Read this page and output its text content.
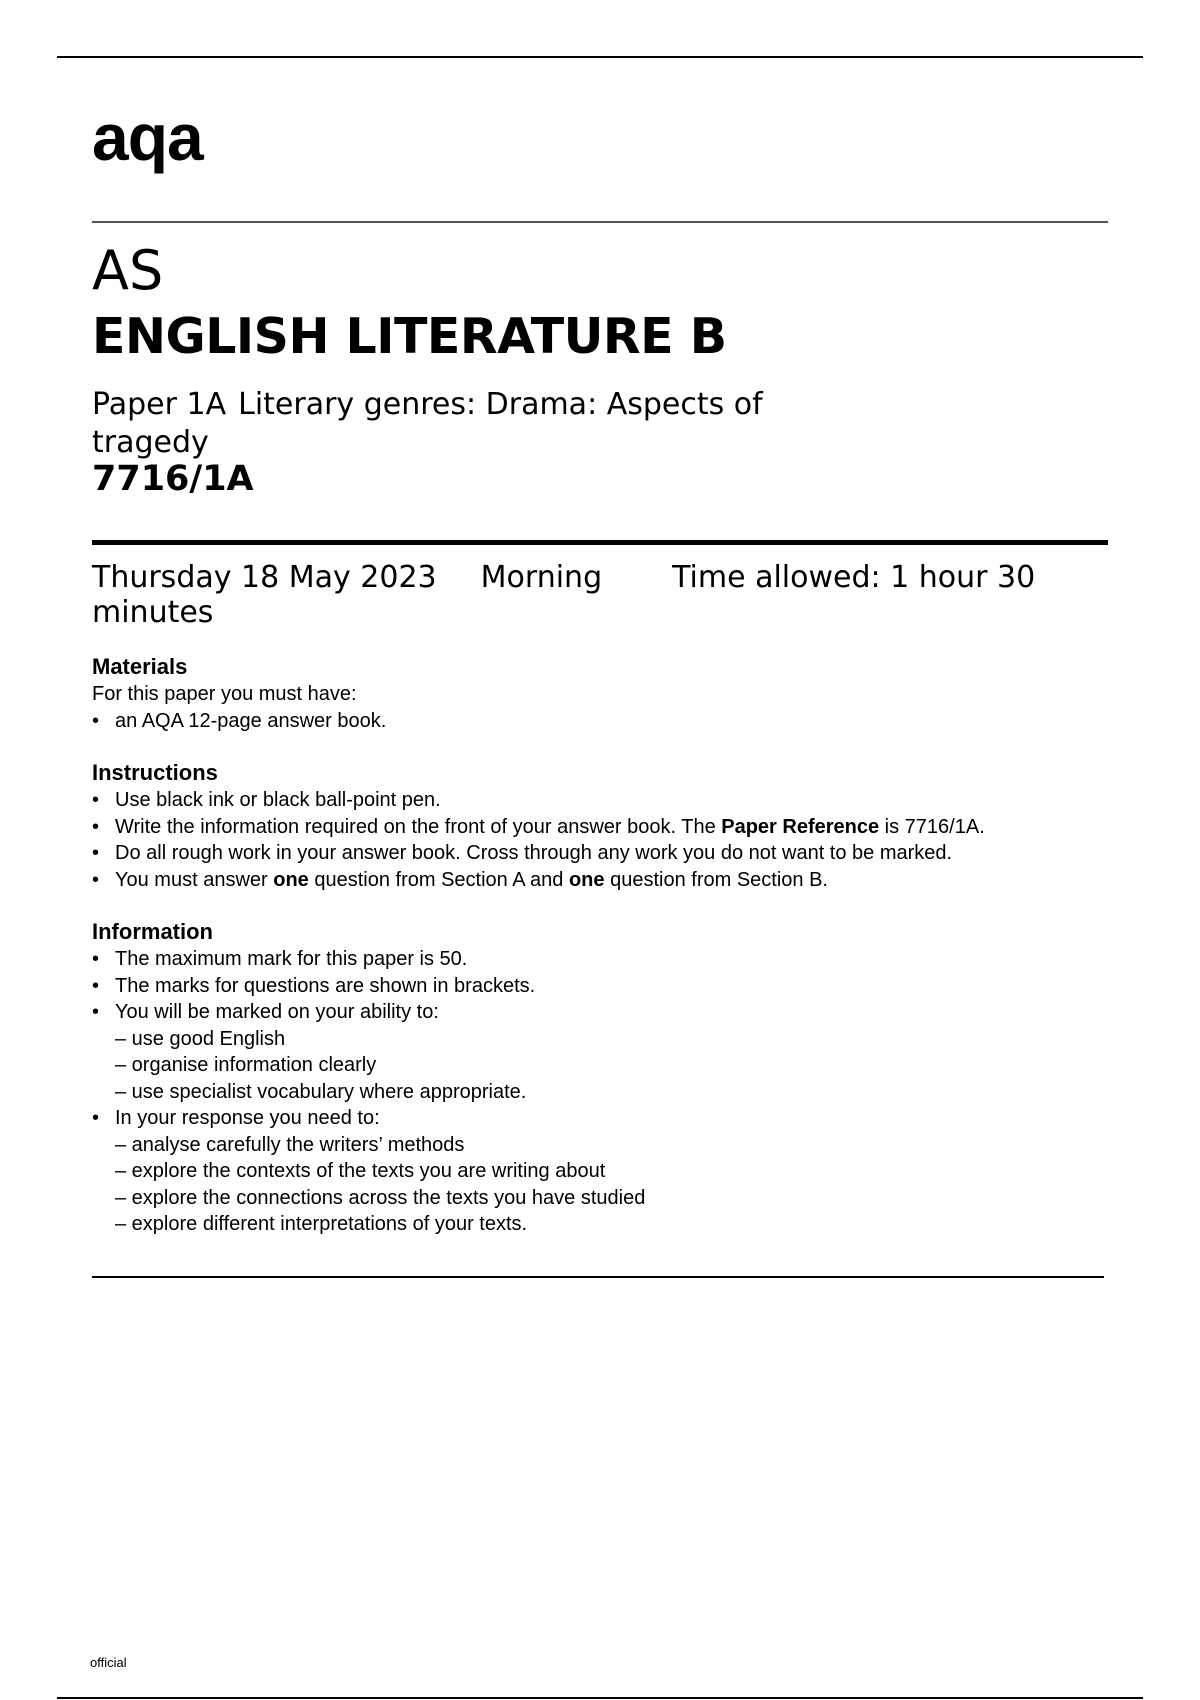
aqa
AS
ENGLISH LITERATURE B
Paper 1A Literary genres: Drama: Aspects of tragedy
7716/1A
Thursday 18 May 2023 Morning Time allowed: 1 hour 30 minutes
Materials

For this paper you must have:

• an AQA 12-page answer book.
Instructions
• Use black ink or black ball-point pen.
• Write the information required on the front of your answer book. The Paper Reference is 7716/1A.
• Do all rough work in your answer book. Cross through any work you do not want to be marked.
• You must answer one question from Section A and one question from Section B.
Information
• The maximum mark for this paper is 50.
• The marks for questions are shown in brackets.
• You will be marked on your ability to:
– use good English
– organise information clearly
– use specialist vocabulary where appropriate.
• In your response you need to:
– analyse carefully the writers’ methods
– explore the contexts of the texts you are writing about
– explore the connections across the texts you have studied
– explore different interpretations of your texts.
official
